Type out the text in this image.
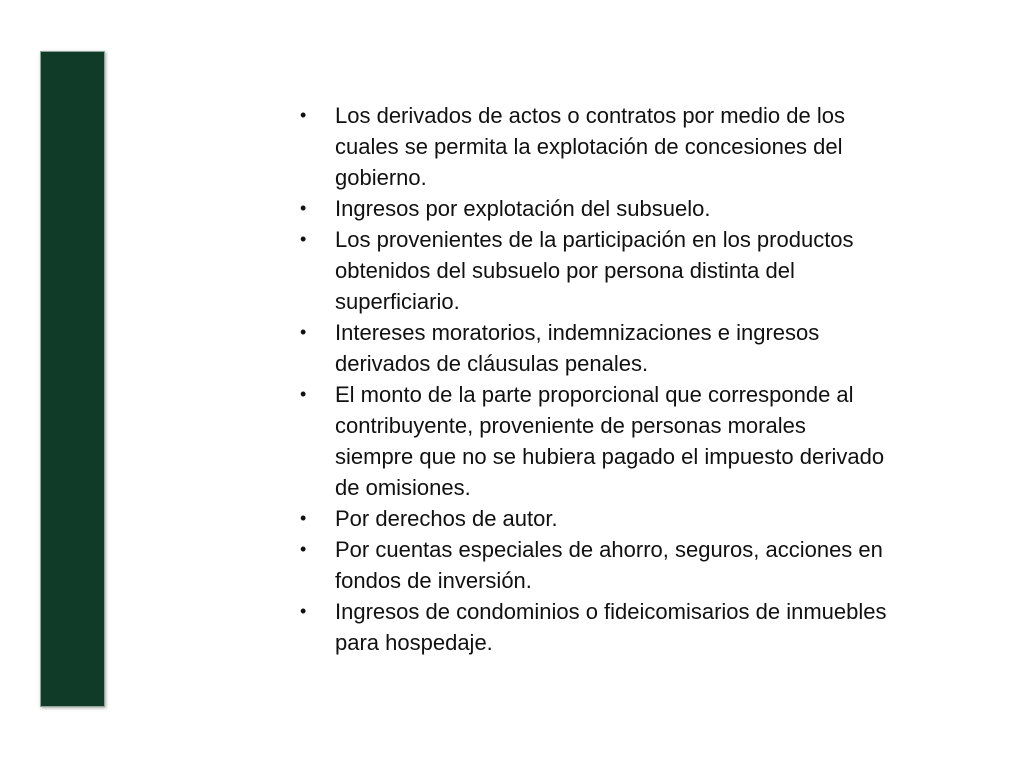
•	Los derivados de actos o contratos por medio de los cuales se permita la explotación de concesiones del gobierno.
•	Ingresos por explotación del subsuelo.
•	Los provenientes de la participación en los productos obtenidos del subsuelo por persona distinta del superficiario.
•	Intereses moratorios, indemnizaciones e ingresos derivados de cláusulas penales.
•	El monto de la parte proporcional que corresponde al contribuyente, proveniente de personas morales siempre que no se hubiera pagado el impuesto derivado de omisiones.
•	Por derechos de autor.
•	Por cuentas especiales de ahorro, seguros, acciones en fondos de inversión.
•	Ingresos de condominios o fideicomisarios de inmuebles para hospedaje.
